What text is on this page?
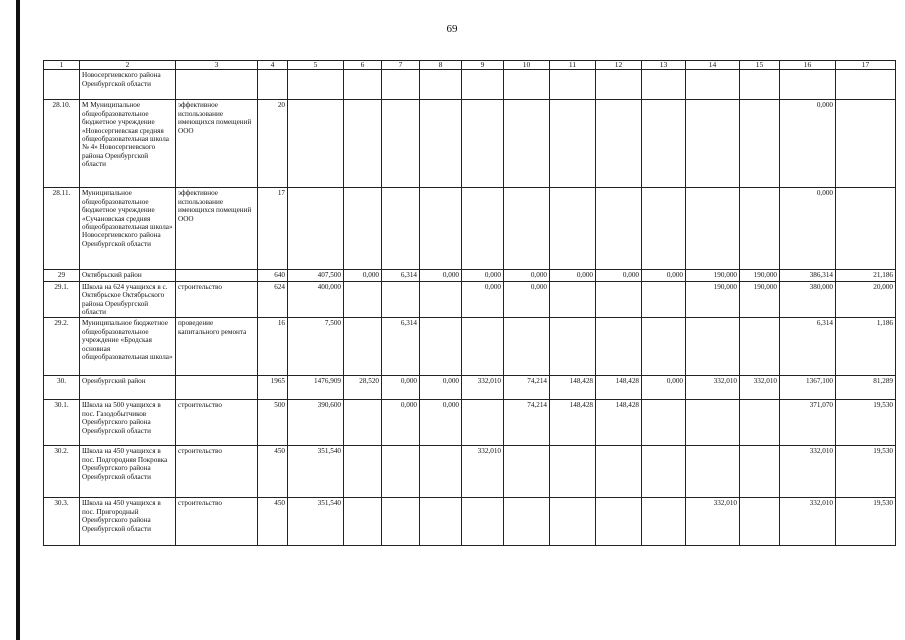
69
1	2	3	4	5	6	7	8	9	10	11	12	13	14	15	16	17
	Новосергиевского района Оренбургской области															
28.10.	М Муниципальное общеобразовательное бюджетное учреждение «Новосергиевская средняя общеобразовательная школа № 4» Новосергиевского района Оренбургской области	эффективное использование имеющихся помещений ООО	20												0,000	
28.11.	Муниципальное общеобразовательное бюджетное учреждение «Сучановская средняя общеобразовательная школа» Новосергиевского района Оренбургской области	эффективное использование имеющихся помещений ООО	17												0,000	
29	Октябрьский район		640	407,500	0,000	6,314	0,000	0,000	0,000	0,000	0,000	0,000	190,000	190,000	386,314	21,186
29.1.	Школа на 624 учащихся в с. Октябрьское Октябрьского района Оренбургской области	строительство	624	400,000				0,000	0,000				190,000	190,000	380,000	20,000
29.2.	Муниципальное бюджетное общеобразовательное учреждение «Бродская основная общеобразовательная школа»	проведение капитального ремонта	16	7,500		6,314									6,314	1,186
30.	Оренбургский район		1965	1476,909	28,520	0,000	0,000	332,010	74,214	148,428	148,428	0,000	332,010	332,010	1367,100	81,289
30.1.	Школа на 500 учащихся в пос. Газодобытчиков Оренбургского района Оренбургской области	строительство	500	390,600		0,000	0,000		74,214	148,428	148,428				371,070	19,530
30.2.	Школа на 450 учащихся в пос. Подгородняя Покровка Оренбургского района Оренбургской области	строительство	450	351,540				332,010							332,010	19,530
30.3.	Школа на 450 учащихся в пос. Пригородный Оренбургского района Оренбургской области	строительство	450	351,540									332,010		332,010	19,530
